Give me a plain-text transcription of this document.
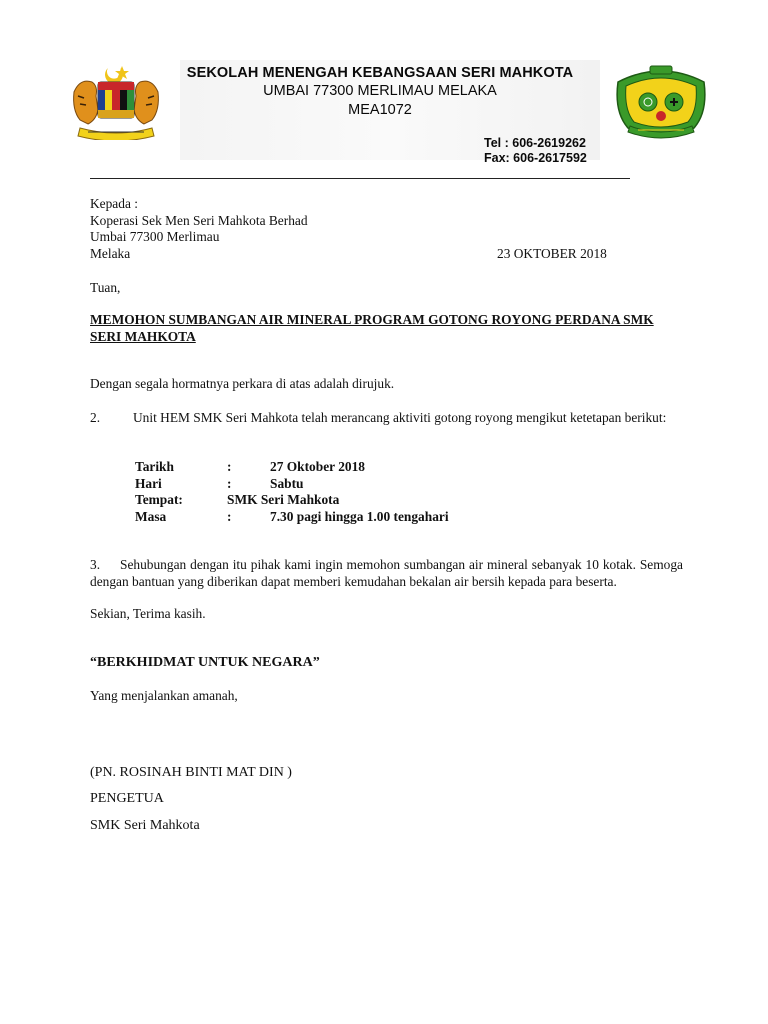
SEKOLAH MENENGAH KEBANGSAAN SERI MAHKOTA
UMBAI 77300 MERLIMAU MELAKA
MEA1072
Tel : 606-2619262
Fax: 606-2617592
Kepada :
Koperasi Sek Men Seri Mahkota Berhad
Umbai 77300 Merlimau
Melaka	23 OKTOBER 2018
Tuan,
MEMOHON SUMBANGAN AIR MINERAL PROGRAM GOTONG ROYONG PERDANA SMK SERI MAHKOTA
Dengan segala hormatnya perkara di atas adalah dirujuk.
2. Unit HEM SMK Seri Mahkota telah merancang aktiviti gotong royong mengikut ketetapan berikut:
Tarikh	:	27 Oktober 2018
Hari	:	Sabtu
Tempat:	SMK Seri Mahkota
Masa	:	7.30 pagi hingga 1.00 tengahari
3. Sehubungan dengan itu pihak kami ingin memohon sumbangan air mineral sebanyak 10 kotak. Semoga dengan bantuan yang diberikan dapat memberi kemudahan bekalan air bersih kepada para beserta.
Sekian, Terima kasih.
“BERKHIDMAT UNTUK NEGARA”
Yang menjalankan amanah,
(PN. ROSINAH BINTI MAT DIN )
PENGETUA
SMK Seri Mahkota
